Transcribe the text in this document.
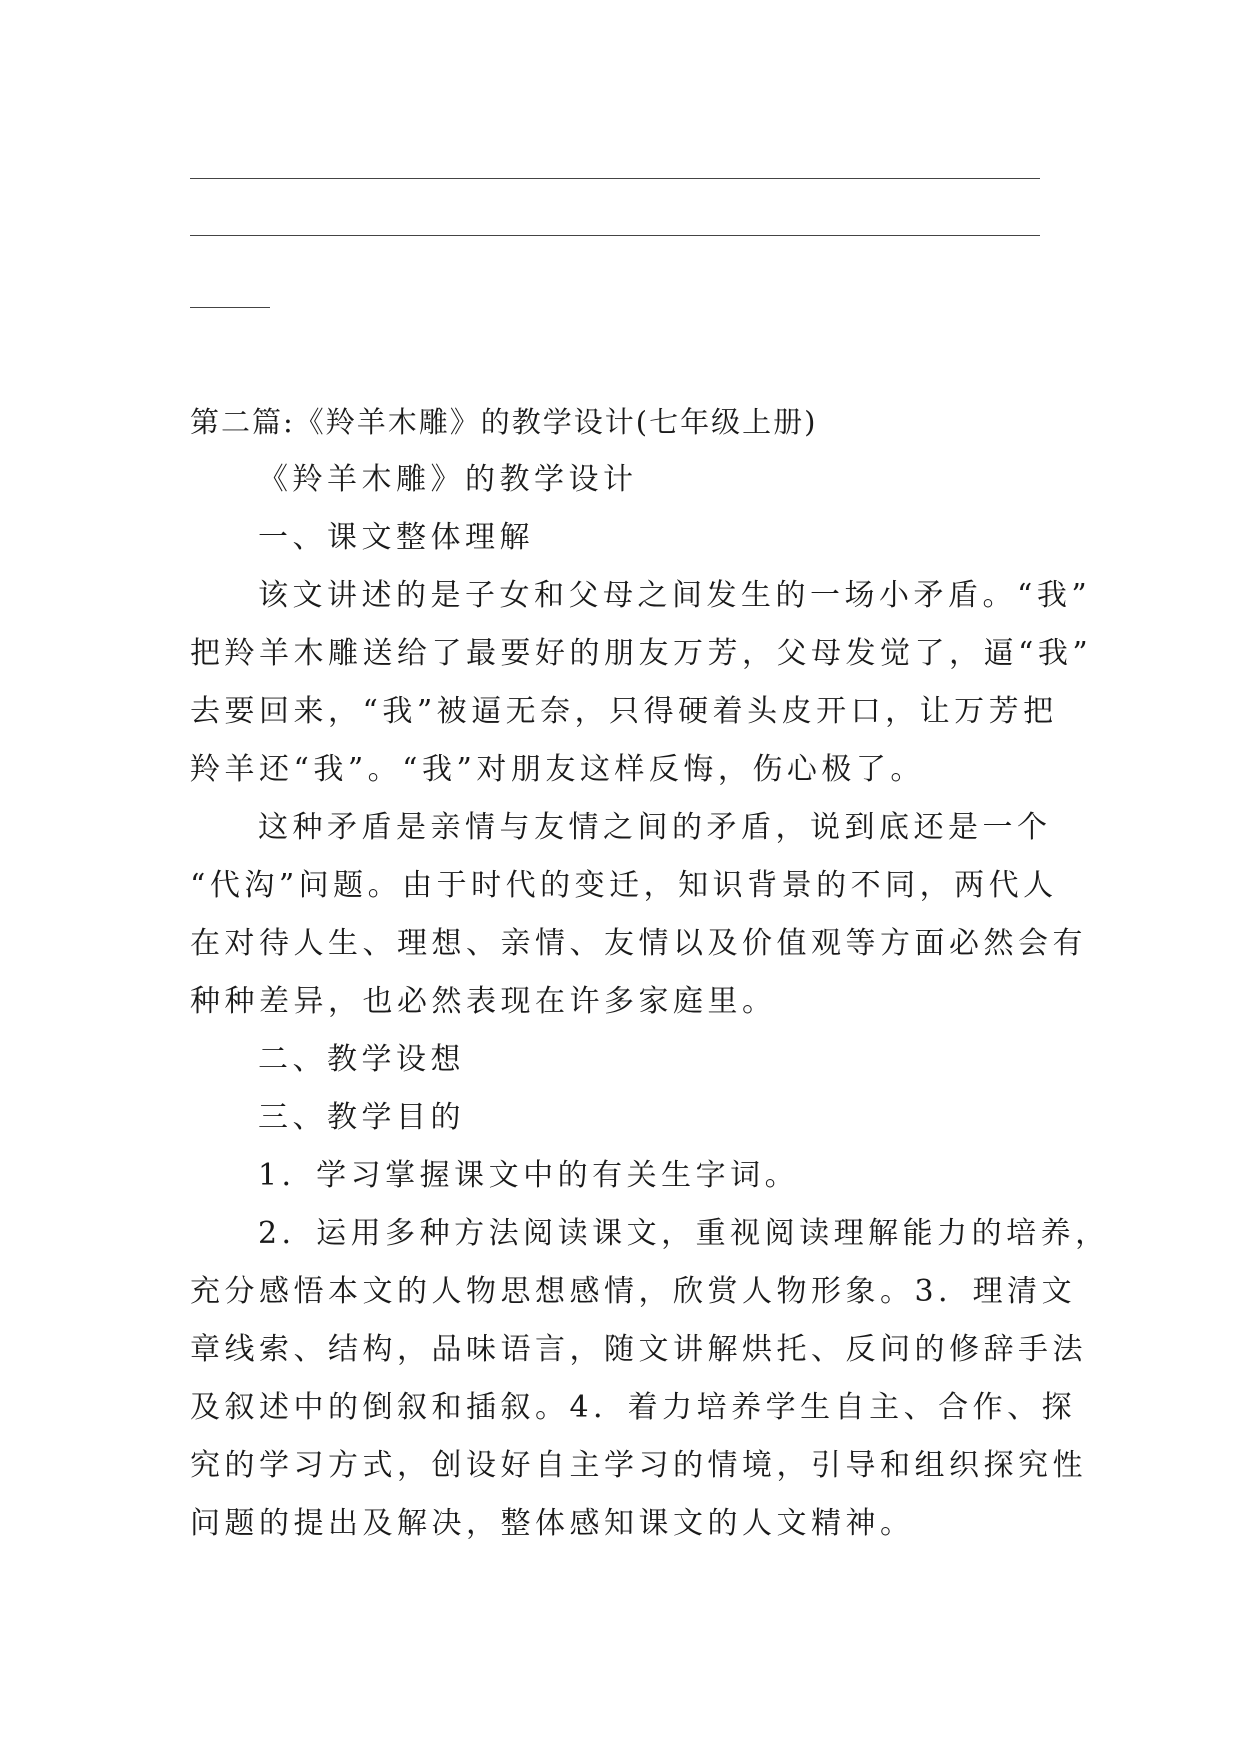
第二篇:《羚羊木雕》的教学设计(七年级上册)
《羚羊木雕》的教学设计
一、课文整体理解
该文讲述的是子女和父母之间发生的一场小矛盾。“我”
把羚羊木雕送给了最要好的朋友万芳，父母发觉了，逼“我”
去要回来，“我”被逼无奈，只得硬着头皮开口，让万芳把
羚羊还“我”。“我”对朋友这样反悔，伤心极了。
这种矛盾是亲情与友情之间的矛盾，说到底还是一个
“代沟”问题。由于时代的变迁，知识背景的不同，两代人
在对待人生、理想、亲情、友情以及价值观等方面必然会有
种种差异，也必然表现在许多家庭里。
二、教学设想
三、教学目的
1．学习掌握课文中的有关生字词。
2．运用多种方法阅读课文，重视阅读理解能力的培养，
充分感悟本文的人物思想感情，欣赏人物形象。3．理清文
章线索、结构，品味语言，随文讲解烘托、反问的修辞手法
及叙述中的倒叙和插叙。4．着力培养学生自主、合作、探
究的学习方式，创设好自主学习的情境，引导和组织探究性
问题的提出及解决，整体感知课文的人文精神。
